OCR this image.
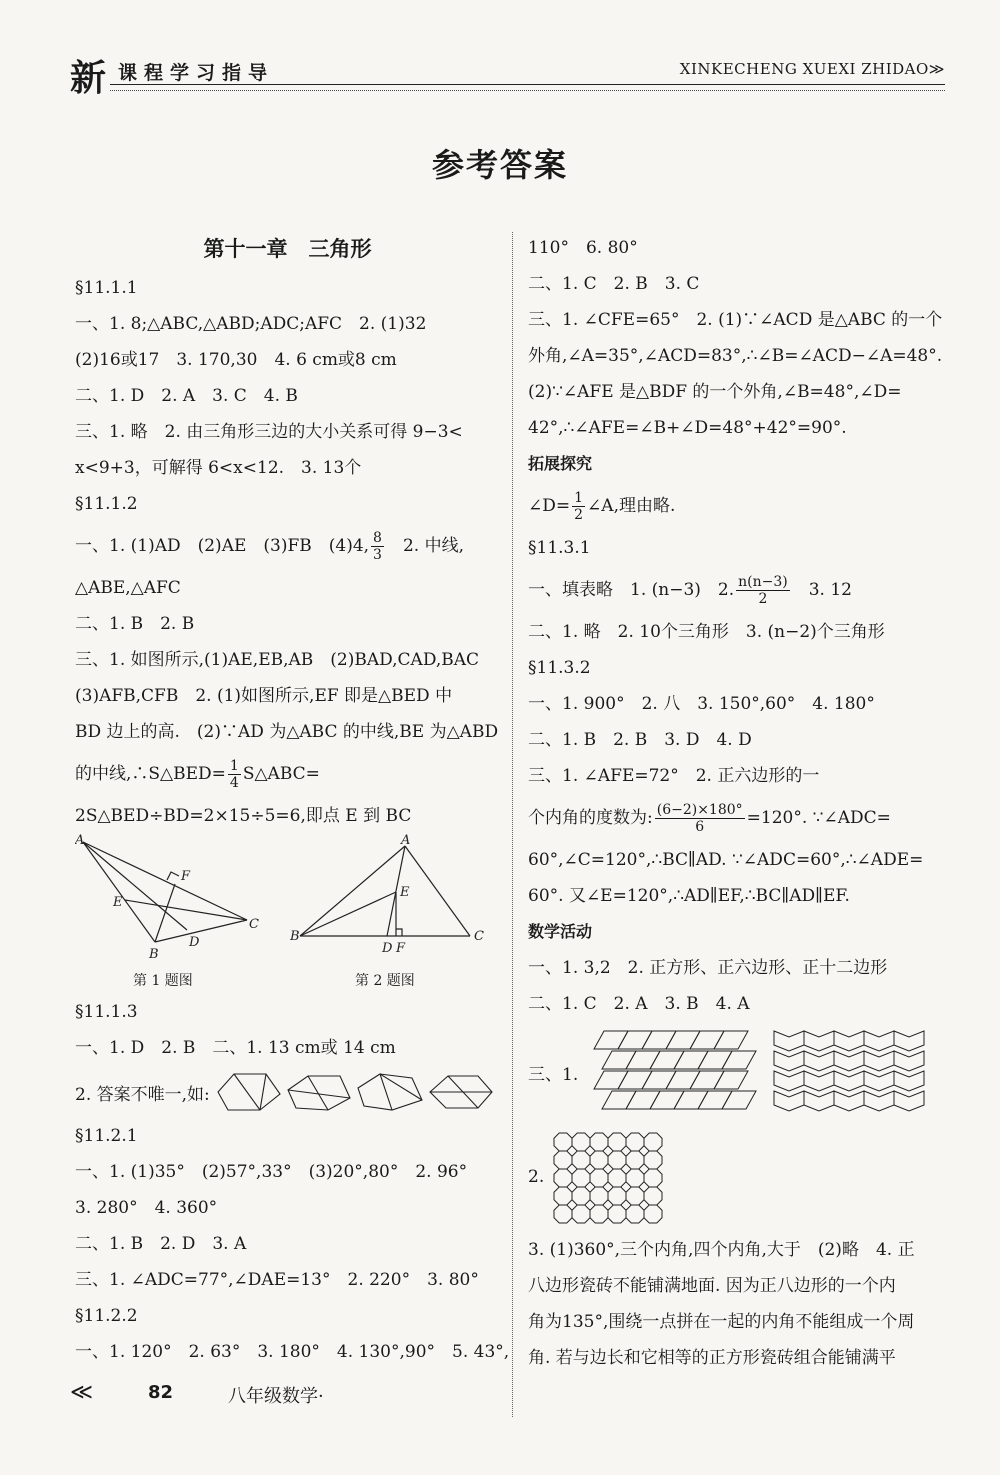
新 课程学习指导	XINKECHENG XUEXI ZHIDAO≫
参考答案
第十一章　三角形
§11.1.1
一、1. 8;△ABC,△ABD;ADC;AFC　2. (1)32
(2)16或17　3. 170,30　4. 6 cm或8 cm
二、1. D　2. A　3. C　4. B
三、1. 略　2. 由三角形三边的大小关系可得 9−3<
x<9+3，可解得 6<x<12.　3. 13个
§11.1.2
一、1. (1)AD　(2)AE　(3)FB　(4)4, $\frac{8}{3}$ 　2. 中线,
△ABE,△AFC
二、1. B　2. B
三、1. 如图所示,(1)AE,EB,AB　(2)BAD,CAD,BAC
(3)AFB,CFB　2. (1)如图所示,EF 即是△BED 中
BD 边上的高.　(2)∵AD 为△ABC 的中线,BE 为△ABD
的中线,∴S△BED= $\frac{1}{4}$ S△ABC=
2S△BED÷BD=2×15÷5=6,即点 E 到 BC
A
B
C
D
E
F
第 1 题图
A
B	C
D
E
F
第 2 题图
§11.1.3
一、1. D　2. B　二、1. 13 cm或 14 cm
2. 答案不唯一,如:
§11.2.1
一、1. (1)35°　(2)57°,33°　(3)20°,80°　2. 96°
3. 280°　4. 360°
二、1. B　2. D　3. A
三、1. ∠ADC=77°,∠DAE=13°　2. 220°　3. 80°
§11.2.2
一、1. 120°　2. 63°　3. 180°　4. 130°,90°　5. 43°,
110°　6. 80°
二、1. C　2. B　3. C
三、1. ∠CFE=65°　2. (1)∵∠ACD 是△ABC 的一个
外角,∠A=35°,∠ACD=83°,∴∠B=∠ACD−∠A=48°.
(2)∵∠AFE 是△BDF 的一个外角,∠B=48°,∠D=
42°,∴∠AFE=∠B+∠D=48°+42°=90°.
拓展探究
∠D= $\frac{1}{2}$ ∠A,理由略.
§11.3.1
一、填表略　1. (n−3)　2. $\frac{n(n-3)}{2}$ 　3. 12
二、1. 略　2. 10个三角形　3. (n−2)个三角形
§11.3.2
一、1. 900°　2. 八　3. 150°,60°　4. 180°
二、1. B　2. B　3. D　4. D
三、1. ∠AFE=72°　2. 正六边形的一
个内角的度数为: $\frac{(6-2)\times 180^\circ}{6} =120^\circ$. ∵∠ADC=
60°,∠C=120°,∴BC∥AD. ∵∠ADC=60°,∴∠ADE=
60°. 又∠E=120°,∴AD∥EF,∴BC∥AD∥EF.
数学活动
一、1. 3,2　2. 正方形、正六边形、正十二边形
二、1. C　2. A　3. B　4. A
三、1.
2.
3. (1)360°,三个内角,四个内角,大于　(2)略　4. 正
八边形瓷砖不能铺满地面. 因为正八边形的一个内
角为135°,围绕一点拼在一起的内角不能组成一个周
角. 若与边长和它相等的正方形瓷砖组合能铺满平
≪	82	八年级数学·
